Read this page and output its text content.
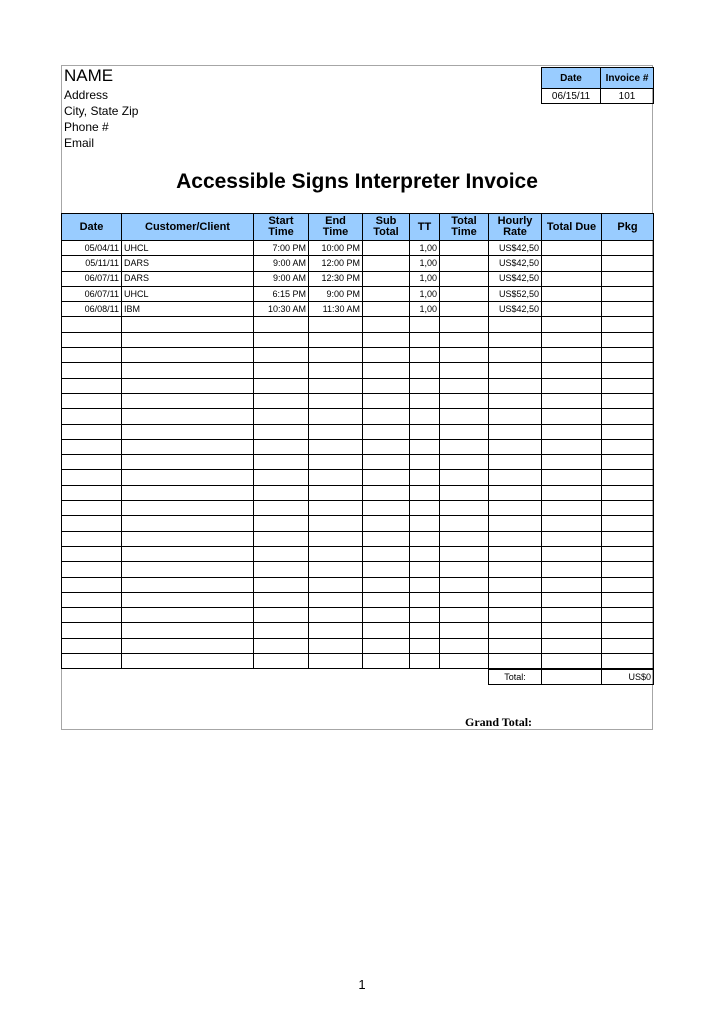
NAME
Address
City, State Zip
Phone #
Email
Date	Invoice #
06/15/11	101
Accessible Signs Interpreter Invoice
Date	Customer/Client	Start Time	End Time	Sub Total	TT	Total Time	Hourly Rate	Total Due	Pkg
05/04/11	UHCL	7:00 PM	10:00 PM		1,00		US$42,50		
05/11/11	DARS	9:00 AM	12:00 PM		1,00		US$42,50		
06/07/11	DARS	9:00 AM	12:30 PM		1,00		US$42,50		
06/07/11	UHCL	6:15 PM	9:00 PM		1,00		US$52,50		
06/08/11	IBM	10:30 AM	11:30 AM		1,00		US$42,50		

Total:		US$0
Grand Total:
1
